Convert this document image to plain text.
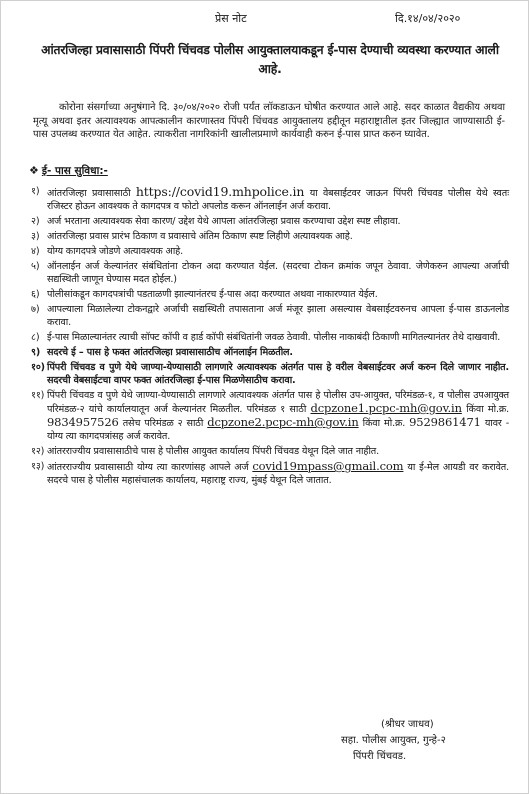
प्रेस नोट	दि.१४/०४/२०२०
आंतरजिल्हा प्रवासासाठी पिंपरी चिंचवड पोलीस आयुक्तालयाकडून ई-पास देण्याची व्यवस्था करण्यात आली आहे.
कोरोना संसर्गाच्या अनुषंगाने दि. ३०/०४/२०२० रोजी पर्यंत लॉकडाऊन घोषीत करण्यात आले आहे. सदर काळात वैद्यकीय अथवा मृत्यू अथवा इतर अत्यावश्यक आपत्कालीन कारणास्तव पिंपरी चिंचवड आयुक्तालय हद्दीतून महाराष्ट्रातील इतर जिल्ह्यात जाण्यासाठी ई-पास उपलब्ध करण्यात येत आहेत. त्याकरीता नागरिकांनी खालीलप्रमाणे कार्यवाही करुन ई-पास प्राप्त करुन घ्यावेत.
❖ ई- पास सुविधा:-
१) आंतरजिल्हा प्रवासासाठी https://covid19.mhpolice.in या वेबसाईटवर जाऊन पिंपरी चिंचवड पोलीस येथे स्वतः रजिस्टर होऊन आवश्यक ते कागदपत्र व फोटो अपलोड करून ऑनलाईन अर्ज करावा.
२) अर्ज भरताना अत्यावश्यक सेवा कारण/ उद्देश येथे आपला आंतरजिल्हा प्रवास करण्याचा उद्देश स्पष्ट लीहावा.
३) आंतरजिल्हा प्रवास प्रारंभ ठिकाण व प्रवासाचे अंतिम ठिकाण स्पष्ट लिहीणे अत्यावश्यक आहे.
४) योग्य कागदपत्रे जोडणे अत्यावश्यक आहे.
५) ऑनलाईन अर्ज केल्यानंतर संबंधितांना टोकन अदा करण्यात येईल. (सदरचा टोकन क्रमांक जपून ठेवावा. जेणेकरुन आपल्या अर्जाची सद्यस्थिती जाणून घेण्यास मदत होईल.)
६) पोलीसांकडून कागदपत्रांची पडताळणी झाल्यानंतरच ई-पास अदा करण्यात अथवा नाकारण्यात येईल.
७) आपल्याला मिळालेल्या टोकनद्वारे अर्जाची सद्यस्थिती तपासताना अर्ज मंजूर झाला असल्यास वेबसाईटवरुनच आपला ई-पास डाऊनलोड करावा.
८) ई-पास मिळाल्यानंतर त्याची सॉफ्ट कॉपी व हार्ड कॉपी संबंधितांनी जवळ ठेवावी. पोलीस नाकाबंदी ठिकाणी मागितल्यानंतर तेथे दाखवावी.
९) सदरचे ई – पास हे फक्त आंतरजिल्हा प्रवासासाठीच ऑनलाईन मिळतील.
१०) पिंपरी चिंचवड व पुणे येथे जाण्या-येण्यासाठी लागणारे अत्यावश्यक अंतर्गत पास हे वरील वेबसाईटवर अर्ज करुन दिले जाणार नाहीत. सदरची वेबसाईटचा वापर फक्त आंतरजिल्हा ई-पास मिळणेसाठीच करावा.
११) पिंपरी चिंचवड व पुणे येथे जाण्या-येण्यासाठी लागणारे अत्यावश्यक अंतर्गत पास हे पोलीस उप-आयुक्त, परिमंडळ-१, व पोलीस उपआयुक्त परिमंडळ-२ यांचे कार्यालयातून अर्ज केल्यानंतर मिळतील. परिमंडळ १ साठी dcpzone1.pcpc-mh@gov.in किंवा मो.क्र. 9834957526 तसेच परिमंडळ २ साठी dcpzone2.pcpc-mh@gov.in किंवा मो.क्र. 9529861471 यावर - योग्य त्या कागदपत्रांसह अर्ज करावेत.
१२) आंतरराज्यीय प्रवासासाठीचे पास हे पोलीस आयुक्त कार्यालय पिंपरी चिंचवड येथून दिले जात नाहीत.
१३) आंतरराज्यीय प्रवासासाठी योग्य त्या कारणांसह आपले अर्ज covid19mpass@gmail.com या ई-मेल आयडी वर करावेत. सदरचे पास हे पोलीस महासंचालक कार्यालय, महाराष्ट्र राज्य, मुंबई येथून दिले जातात.
(श्रीधर जाधव)
सहा. पोलीस आयुक्त, गुन्हे-२
पिंपरी चिंचवड.
